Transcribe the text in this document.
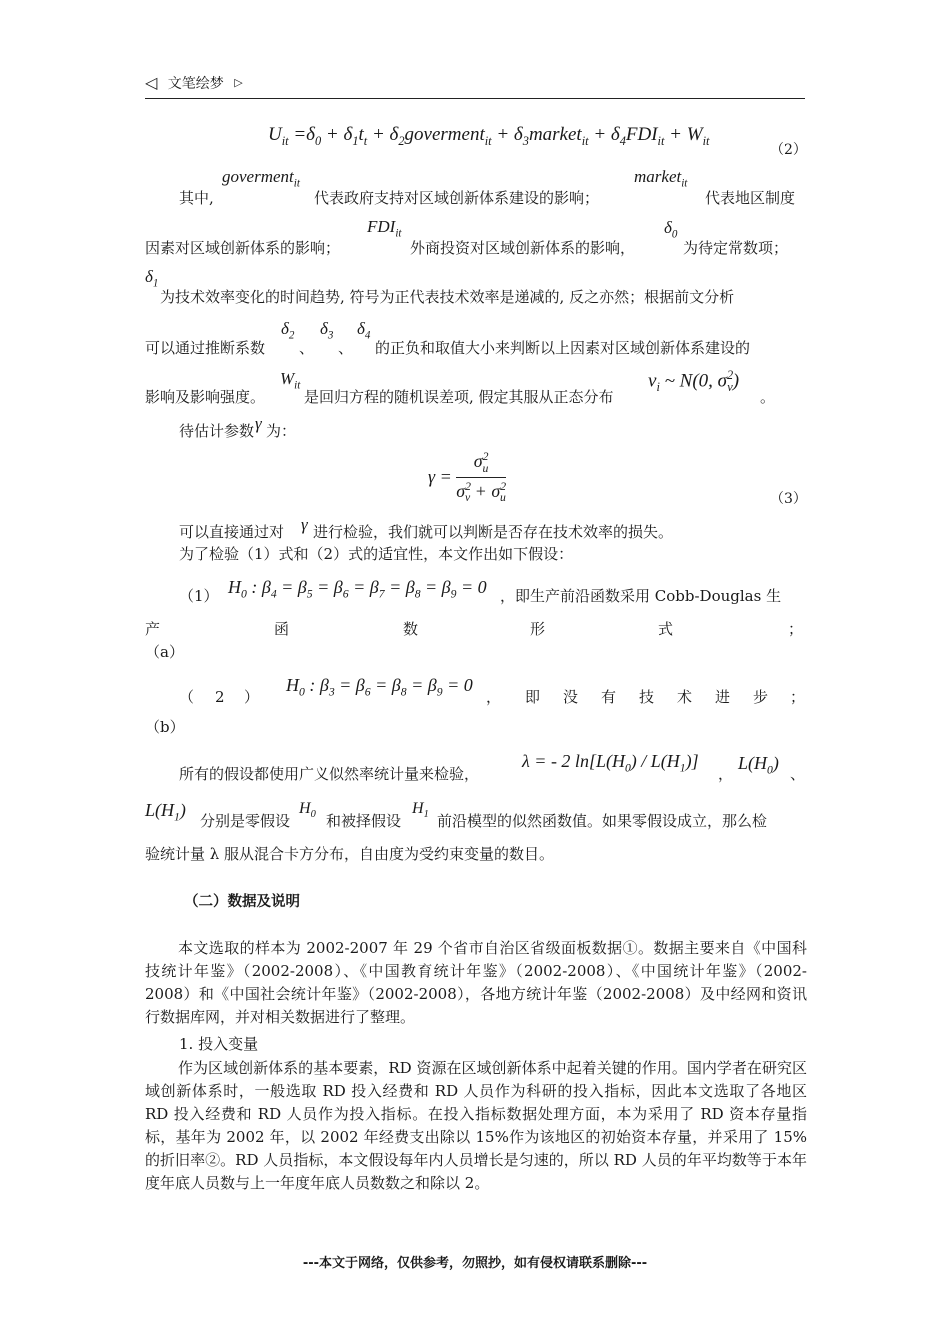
◁ 文笔绘梦 ▷
$U_{it} =\delta_0 + \delta_1t_t$ + $\delta_2goverment_{it}$ + $\delta_3market_{it} + \delta_4FDI_{it} + W_{it}$
（2）
goverment$_{it}$	market$_{it}$
其中,	代表政府支持对区域创新体系建设的影响；	代表地区制度
$FDI_{it}$	$\delta_0$
因素对区域创新体系的影响；	外商投资对区域创新体系的影响，	为待定常数项；
$\delta_1$
为技术效率变化的时间趋势, 符号为正代表技术效率是递减的, 反之亦然；根据前文分析
$\delta_2$ $\delta_3$ $\delta_4$
可以通过推断系数 、 、 的正负和取值大小来判断以上因素对区域创新体系建设的
$W_{it}$	$v_i$ ~ N(0, $\sigma^2_v$)
影响及影响强度。	是回归方程的随机误差项, 假定其服从正态分布	。
待估计参数 γ 为：
$\gamma = \frac{\sigma^2_u}{\sigma^2_v + \sigma^2_u}$	（3）
可以直接通过对 γ 进行检验，我们就可以判断是否存在技术效率的损失。
为了检验（1）式和（2）式的适宜性，本文作出如下假设：
（1） $H_0$ : $\beta_4 = \beta_5 = \beta_6 = \beta_7 = \beta_8 = \beta_9 = 0$ ，即生产前沿函数采用 Cobb-Douglas 生
产	函	数	形	式	；
（a）
（ 2 ）
$H_0$ : $\beta_3 = \beta_6 = \beta_8 = \beta_9 = 0$
， 即 没 有 技 术 进 步 ；
（b）
所有的假设都使用广义似然率统计量来检验，
λ = - 2 $\ln[L(H_0) / L(H_1)]$
，
$L(H_0)$
、
$L(H_1)$
分别是零假设
$H_0$ 和被择假设
$H_1$ 前沿模型的似然函数值。如果零假设成立，那么检
验统计量 λ 服从混合卡方分布，自由度为受约束变量的数目。
（二）数据及说明
本文选取的样本为 2002-2007 年 29 个省市自治区省级面板数据①。数据主要来自《中国科技统计年鉴》（2002-2008）、《中国教育统计年鉴》（2002-2008）、《中国统计年鉴》（2002-2008）和《中国社会统计年鉴》（2002-2008），各地方统计年鉴（2002-2008）及中经网和资讯行数据库网，并对相关数据进行了整理。
1. 投入变量
作为区域创新体系的基本要素，RD 资源在区域创新体系中起着关键的作用。国内学者在研究区域创新体系时，一般选取 RD 投入经费和 RD 人员作为科研的投入指标，因此本文选取了各地区 RD 投入经费和 RD 人员作为投入指标。在投入指标数据处理方面，本为采用了 RD 资本存量指标，基年为 2002 年，以 2002 年经费支出除以 15%作为该地区的初始资本存量，并采用了 15%的折旧率②。RD 人员指标，本文假设每年内人员增长是匀速的，所以 RD 人员的年平均数等于本年度年底人员数与上一年度年底人员数数之和除以 2。
---本文于网络，仅供参考，勿照抄，如有侵权请联系删除---
